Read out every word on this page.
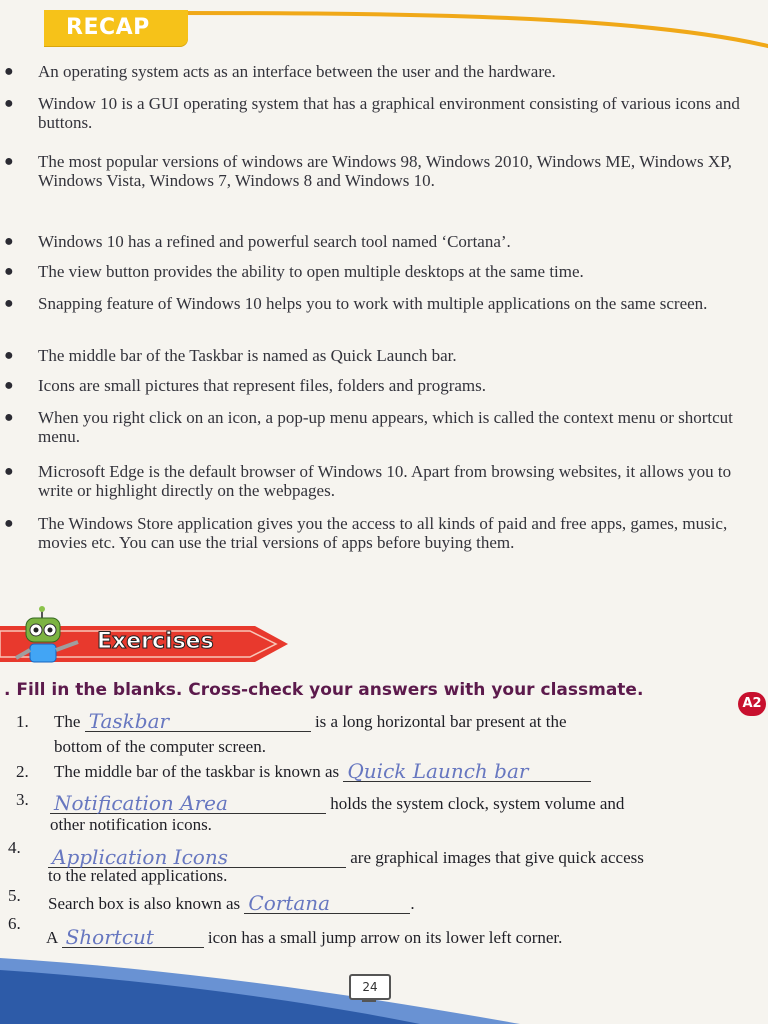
RECAP
● An operating system acts as an interface between the user and the hardware.
● Window 10 is a GUI operating system that has a graphical environment consisting of various icons and buttons.
● The most popular versions of windows are Windows 98, Windows 2010, Windows ME, Windows XP, Windows Vista, Windows 7, Windows 8 and Windows 10.
● Windows 10 has a refined and powerful search tool named ‘Cortana’.
● The view button provides the ability to open multiple desktops at the same time.
● Snapping feature of Windows 10 helps you to work with multiple applications on the same screen.
● The middle bar of the Taskbar is named as Quick Launch bar.
● Icons are small pictures that represent files, folders and programs.
● When you right click on an icon, a pop-up menu appears, which is called the context menu or shortcut menu.
● Microsoft Edge is the default browser of Windows 10. Apart from browsing websites, it allows you to write or highlight directly on the webpages.
● The Windows Store application gives you the access to all kinds of paid and free apps, games, music, movies etc. You can use the trial versions of apps before buying them.
Exercises
. Fill in the blanks. Cross-check your answers with your classmate.
A2
1. The Taskbar	is a long horizontal bar present at the
bottom of the computer screen.
2. The middle bar of the taskbar is known as Quick Launch bar
3. Notification Area	holds the system clock, system volume and
other notification icons.
4. Application Icons	are graphical images that give quick access
to the related applications.
5. Search box is also known as Cortana	.
6.
A Shortcut	icon has a small jump arrow on its lower left corner.
24
